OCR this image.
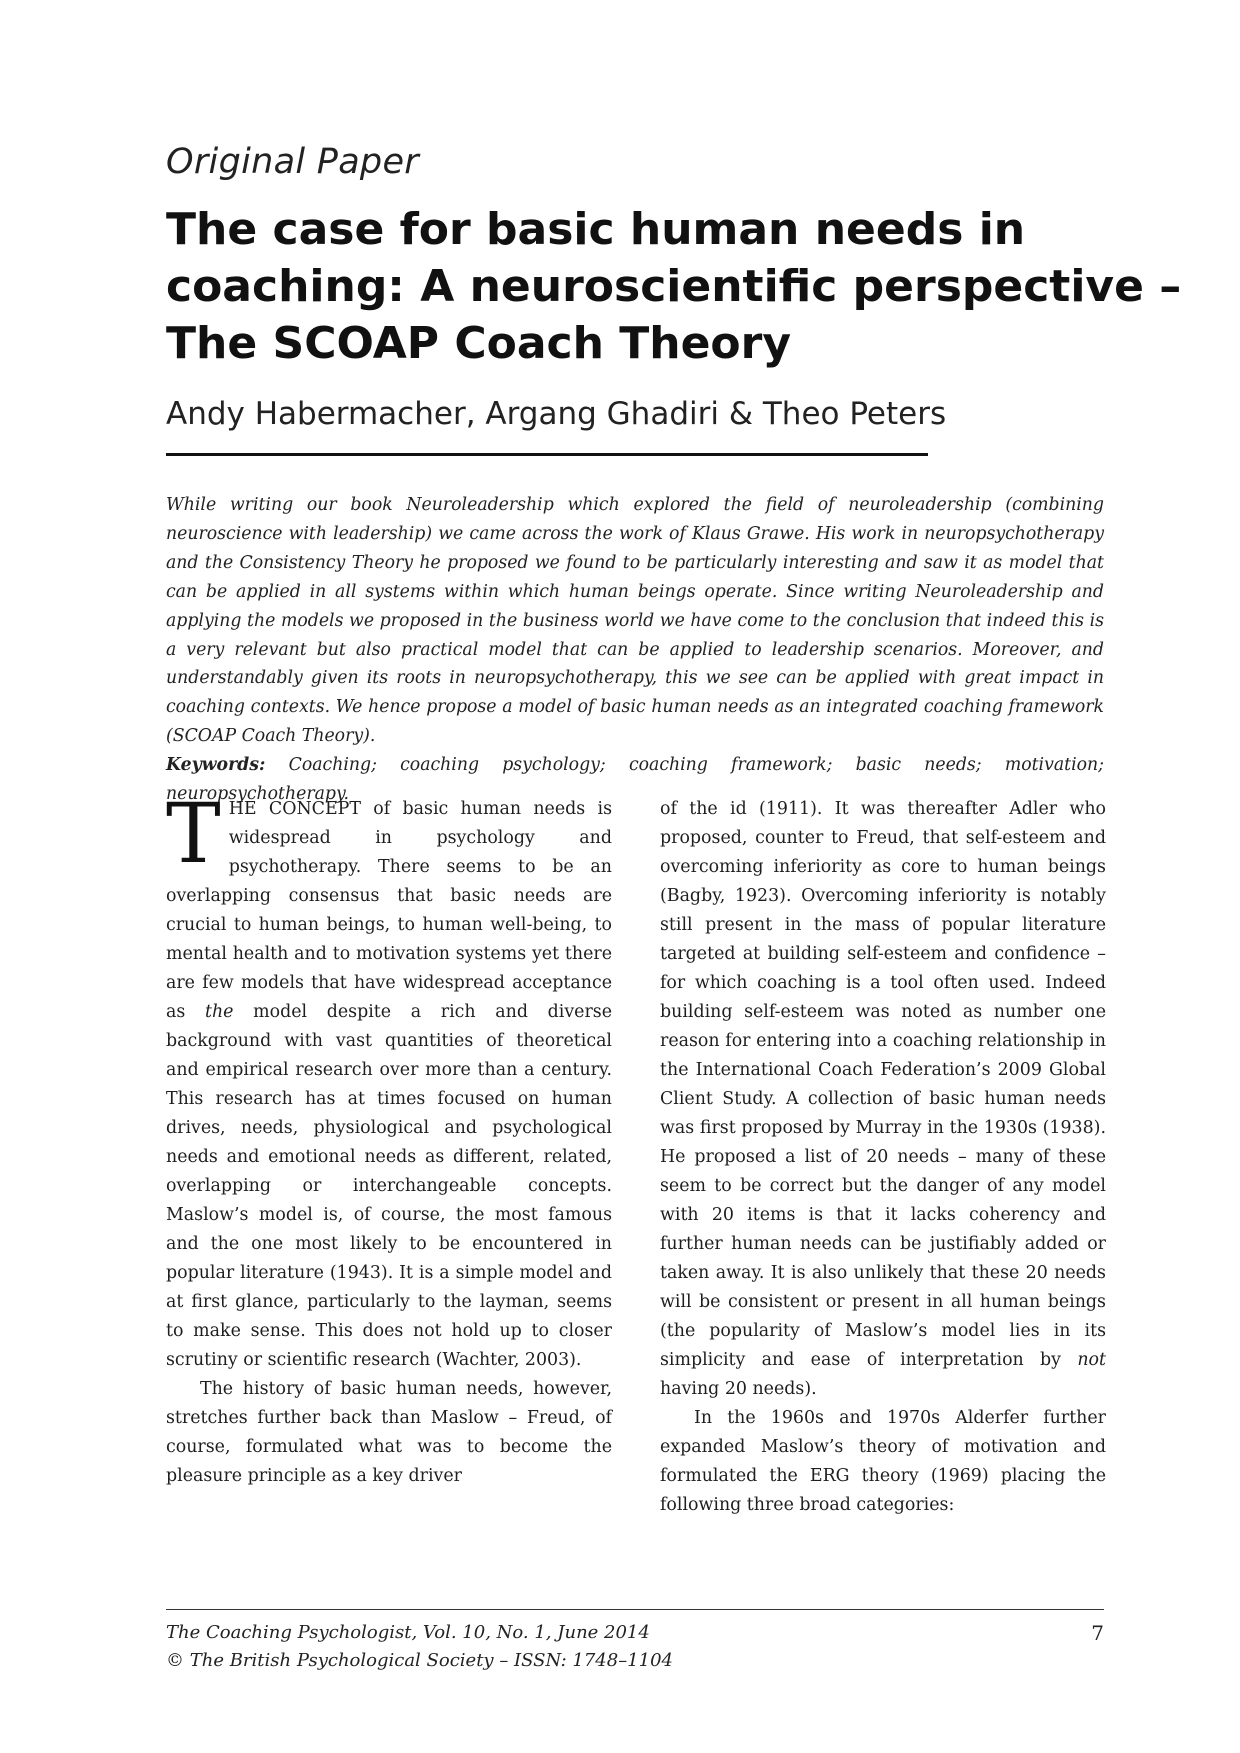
Original Paper
The case for basic human needs in
coaching: A neuroscientific perspective –
The SCOAP Coach Theory
Andy Habermacher, Argang Ghadiri & Theo Peters

While writing our book Neuroleadership which explored the field of neuroleadership (combining neuroscience with leadership) we came across the work of Klaus Grawe. His work in neuropsychotherapy and the Consistency Theory he proposed we found to be particularly interesting and saw it as model that can be applied in all systems within which human beings operate. Since writing Neuroleadership and applying the models we proposed in the business world we have come to the conclusion that indeed this is a very relevant but also practical model that can be applied to leadership scenarios. Moreover, and understandably given its roots in neuropsychotherapy, this we see can be applied with great impact in coaching contexts. We hence propose a model of basic human needs as an integrated coaching framework (SCOAP Coach Theory).

Keywords: Coaching; coaching psychology; coaching framework; basic needs; motivation; neuropsychotherapy.

THE CONCEPT of basic human needs is widespread in psychology and psychotherapy. There seems to be an overlapping consensus that basic needs are crucial to human beings, to human well-being, to mental health and to motivation systems yet there are few models that have widespread acceptance as the model despite a rich and diverse background with vast quantities of theoretical and empirical research over more than a century. This research has at times focused on human drives, needs, physiological and psychological needs and emotional needs as different, related, overlapping or interchangeable concepts. Maslow’s model is, of course, the most famous and the one most likely to be encountered in popular literature (1943). It is a simple model and at first glance, particularly to the layman, seems to make sense. This does not hold up to closer scrutiny or scientific research (Wachter, 2003).

The history of basic human needs, however, stretches further back than Maslow – Freud, of course, formulated what was to become the pleasure principle as a key driver

of the id (1911). It was thereafter Adler who proposed, counter to Freud, that self-esteem and overcoming inferiority as core to human beings (Bagby, 1923). Overcoming inferiority is notably still present in the mass of popular literature targeted at building self-esteem and confidence – for which coaching is a tool often used. Indeed building self-esteem was noted as number one reason for entering into a coaching relationship in the International Coach Federation’s 2009 Global Client Study. A collection of basic human needs was first proposed by Murray in the 1930s (1938). He proposed a list of 20 needs – many of these seem to be correct but the danger of any model with 20 items is that it lacks coherency and further human needs can be justifiably added or taken away. It is also unlikely that these 20 needs will be consistent or present in all human beings (the popularity of Maslow’s model lies in its simplicity and ease of interpretation by not having 20 needs).

In the 1960s and 1970s Alderfer further expanded Maslow’s theory of motivation and formulated the ERG theory (1969) placing the following three broad categories:

The Coaching Psychologist, Vol. 10, No. 1, June 2014
© The British Psychological Society – ISSN: 1748–1104
7
